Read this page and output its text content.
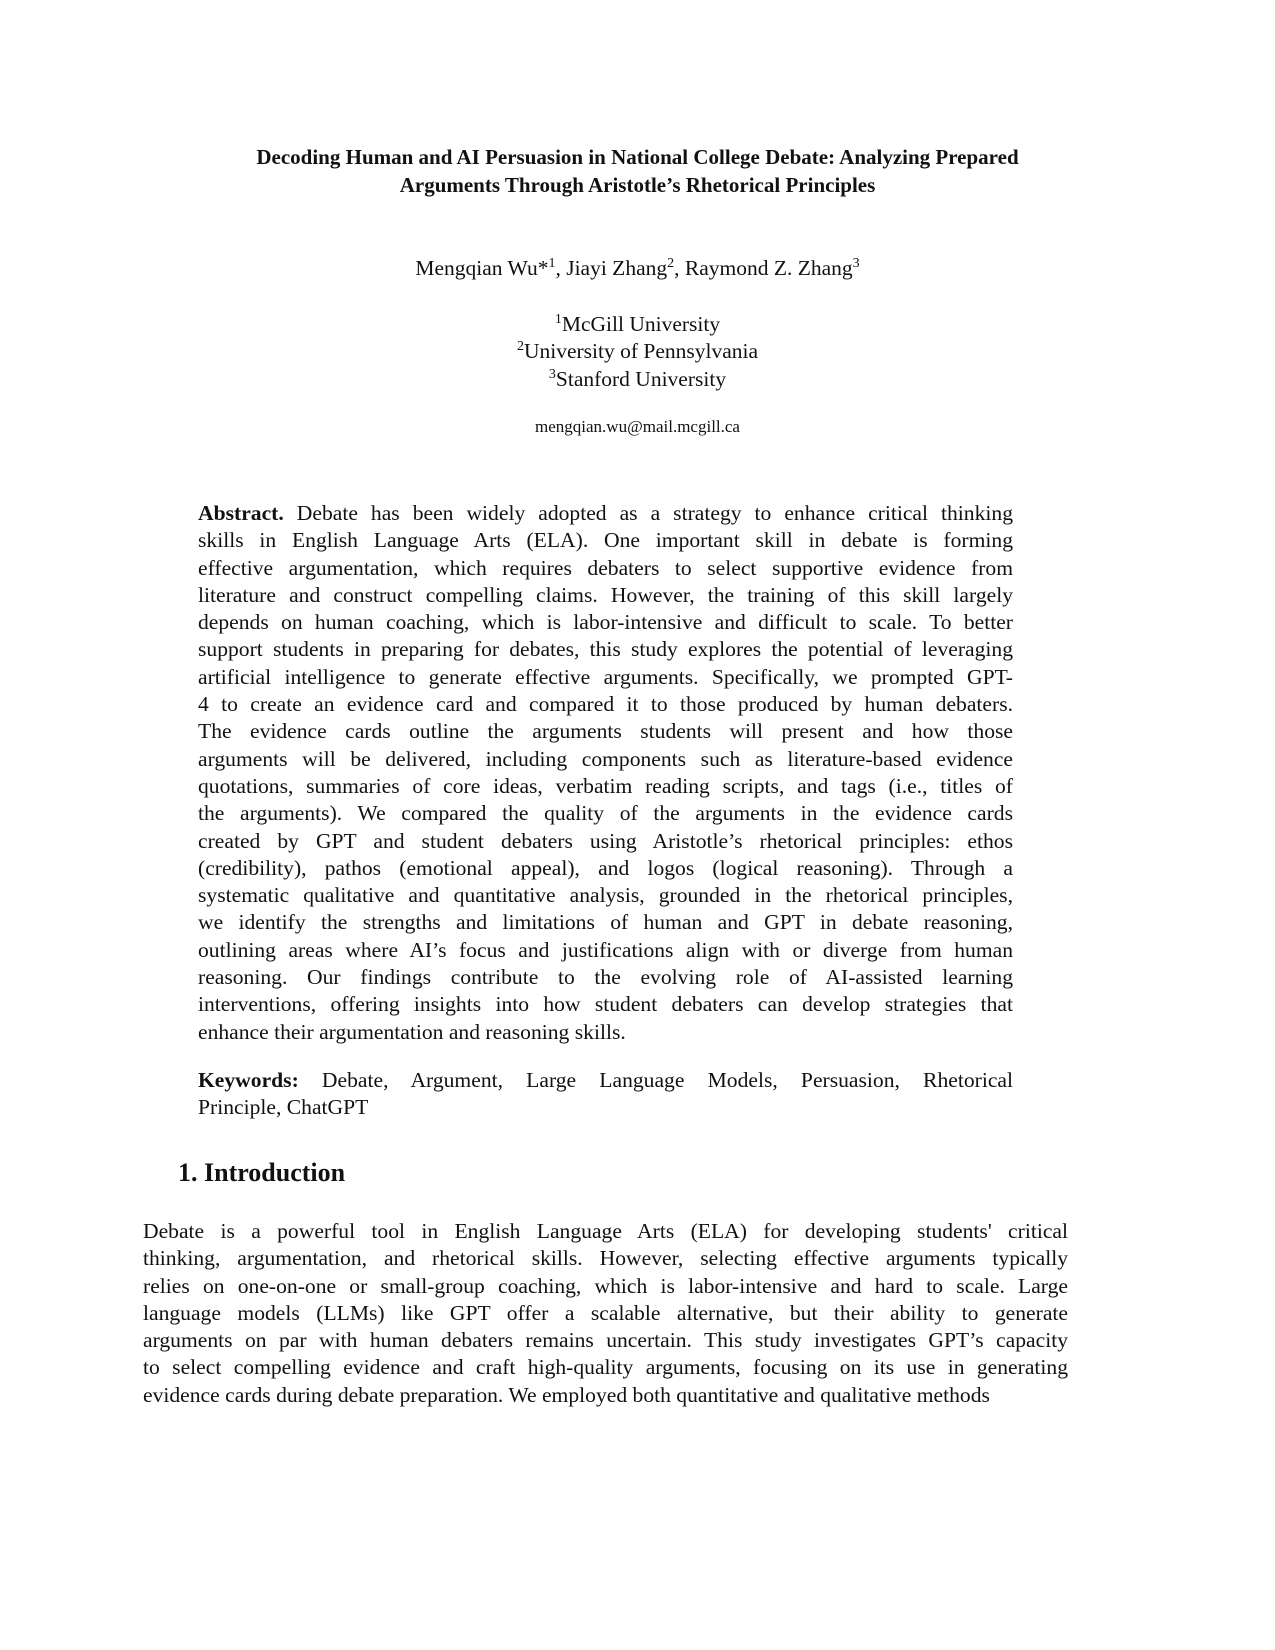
Decoding Human and AI Persuasion in National College Debate: Analyzing Prepared
Arguments Through Aristotle’s Rhetorical Principles
Mengqian Wu*$^1$, Jiayi Zhang$^2$, Raymond Z. Zhang$^3$
$^1$McGill University
$^2$University of Pennsylvania
$^3$Stanford University
mengqian.wu@mail.mcgill.ca
Abstract. Debate has been widely adopted as a strategy to enhance critical thinking
skills in English Language Arts (ELA). One important skill in debate is forming
effective argumentation, which requires debaters to select supportive evidence from
literature and construct compelling claims. However, the training of this skill largely
depends on human coaching, which is labor-intensive and difficult to scale. To better
support students in preparing for debates, this study explores the potential of leveraging
artificial intelligence to generate effective arguments. Specifically, we prompted GPT-
4 to create an evidence card and compared it to those produced by human debaters.
The evidence cards outline the arguments students will present and how those
arguments will be delivered, including components such as literature-based evidence
quotations, summaries of core ideas, verbatim reading scripts, and tags (i.e., titles of
the arguments). We compared the quality of the arguments in the evidence cards
created by GPT and student debaters using Aristotle’s rhetorical principles: ethos
(credibility), pathos (emotional appeal), and logos (logical reasoning). Through a
systematic qualitative and quantitative analysis, grounded in the rhetorical principles,
we identify the strengths and limitations of human and GPT in debate reasoning,
outlining areas where AI’s focus and justifications align with or diverge from human
reasoning. Our findings contribute to the evolving role of AI-assisted learning
interventions, offering insights into how student debaters can develop strategies that
enhance their argumentation and reasoning skills.
Keywords: Debate, Argument, Large Language Models, Persuasion, Rhetorical
Principle, ChatGPT
1. Introduction
Debate is a powerful tool in English Language Arts (ELA) for developing students' critical
thinking, argumentation, and rhetorical skills. However, selecting effective arguments typically
relies on one-on-one or small-group coaching, which is labor-intensive and hard to scale. Large
language models (LLMs) like GPT offer a scalable alternative, but their ability to generate
arguments on par with human debaters remains uncertain. This study investigates GPT’s capacity
to select compelling evidence and craft high-quality arguments, focusing on its use in generating
evidence cards during debate preparation. We employed both quantitative and qualitative methods
